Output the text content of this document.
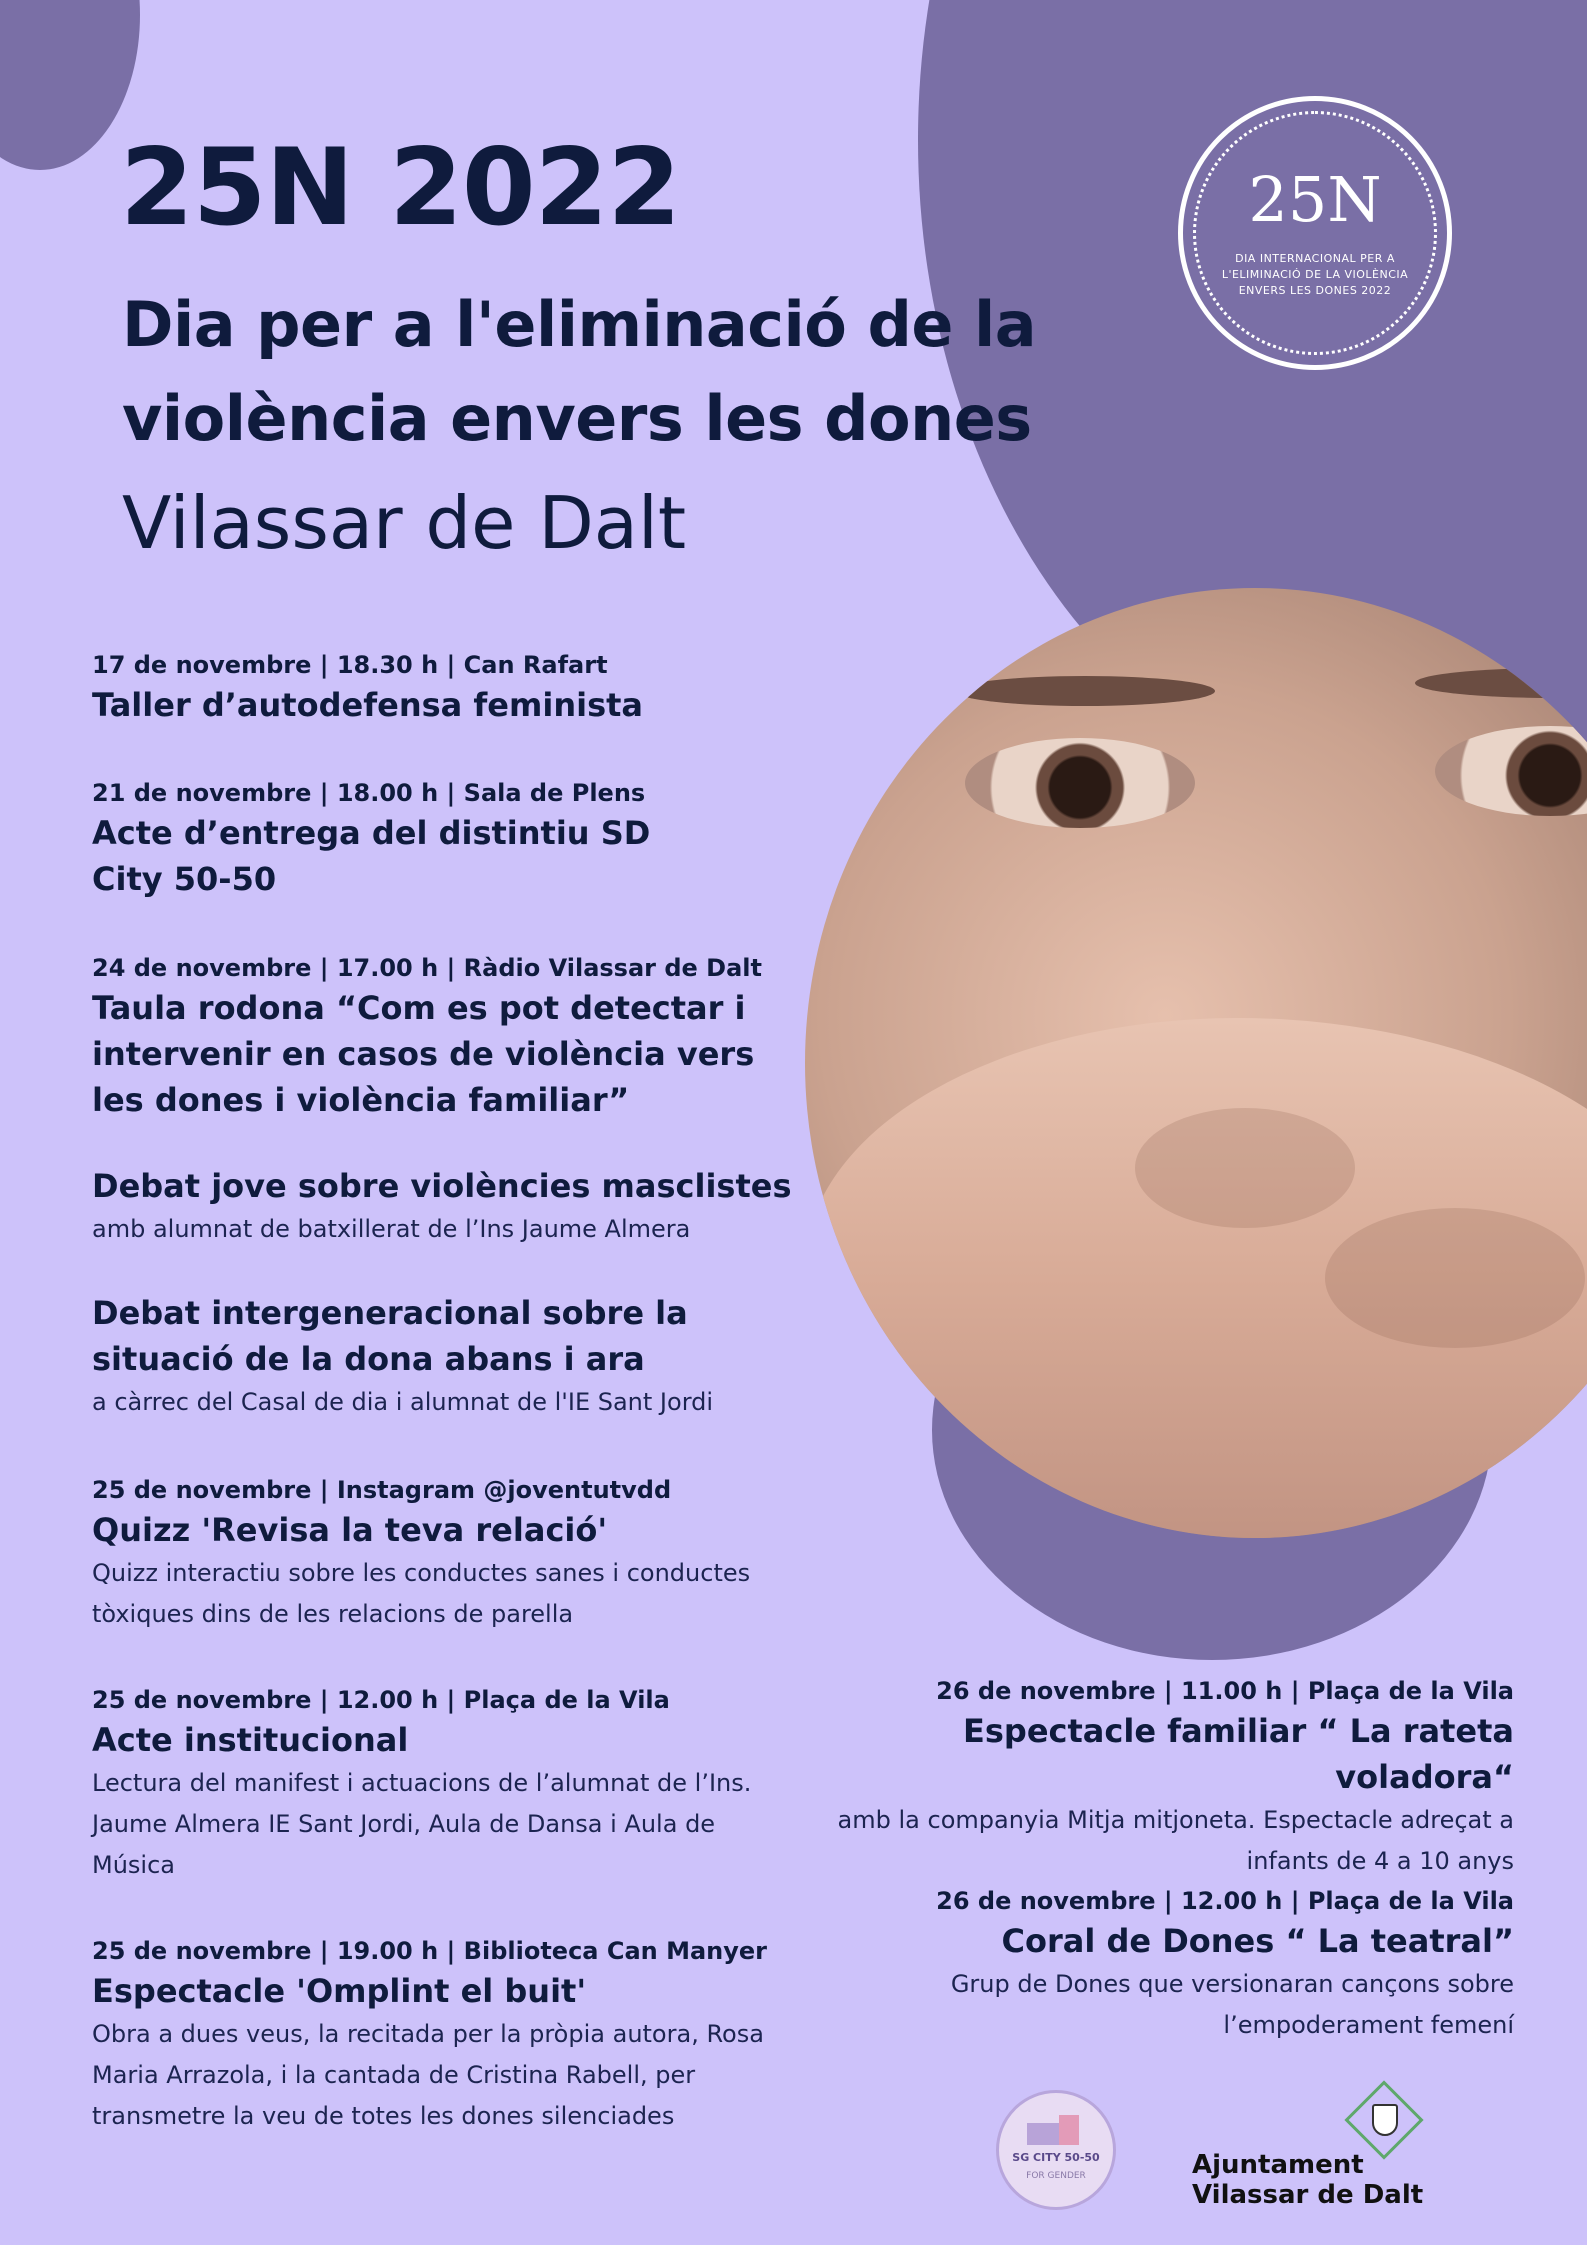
25N
DIA INTERNACIONAL PER A L'ELIMINACIÓ DE LA VIOLÈNCIA ENVERS LES DONES 2022
25N 2022
Dia per a l'eliminació de la violència envers les dones
Vilassar de Dalt
17 de novembre | 18.30 h | Can Rafart
Taller d’autodefensa feminista
21 de novembre | 18.00 h | Sala de Plens
Acte d’entrega del distintiu SD City 50-50
24 de novembre | 17.00 h | Ràdio Vilassar de Dalt
Taula rodona “Com es pot detectar i intervenir en casos de violència vers les dones i violència familiar”
Debat jove sobre violències masclistes
amb alumnat de batxillerat de l’Ins Jaume Almera
Debat intergeneracional sobre la situació de la dona abans i ara
a càrrec del Casal de dia i alumnat de l'IE Sant Jordi
25 de novembre | Instagram @joventutvdd
Quizz 'Revisa la teva relació'
Quizz interactiu sobre les conductes sanes i conductes tòxiques dins de les relacions de parella
25 de novembre | 12.00 h | Plaça de la Vila
Acte institucional
Lectura del manifest i actuacions de l’alumnat de l’Ins. Jaume Almera IE Sant Jordi, Aula de Dansa i Aula de Música
25 de novembre | 19.00 h | Biblioteca Can Manyer
Espectacle 'Omplint el buit'
Obra a dues veus, la recitada per la pròpia autora, Rosa Maria Arrazola, i la cantada de Cristina Rabell, per transmetre la veu de totes les dones silenciades
26 de novembre | 11.00 h | Plaça de la Vila
Espectacle familiar “ La rateta voladora“
amb la companyia Mitja mitjoneta. Espectacle adreçat a infants de 4 a 10 anys
26 de novembre | 12.00 h | Plaça de la Vila
Coral de Dones “ La teatral”
Grup de Dones que versionaran cançons sobre l’empoderament femení
SG CITY 50-50
FOR GENDER	Ajuntament
Vilassar de Dalt
